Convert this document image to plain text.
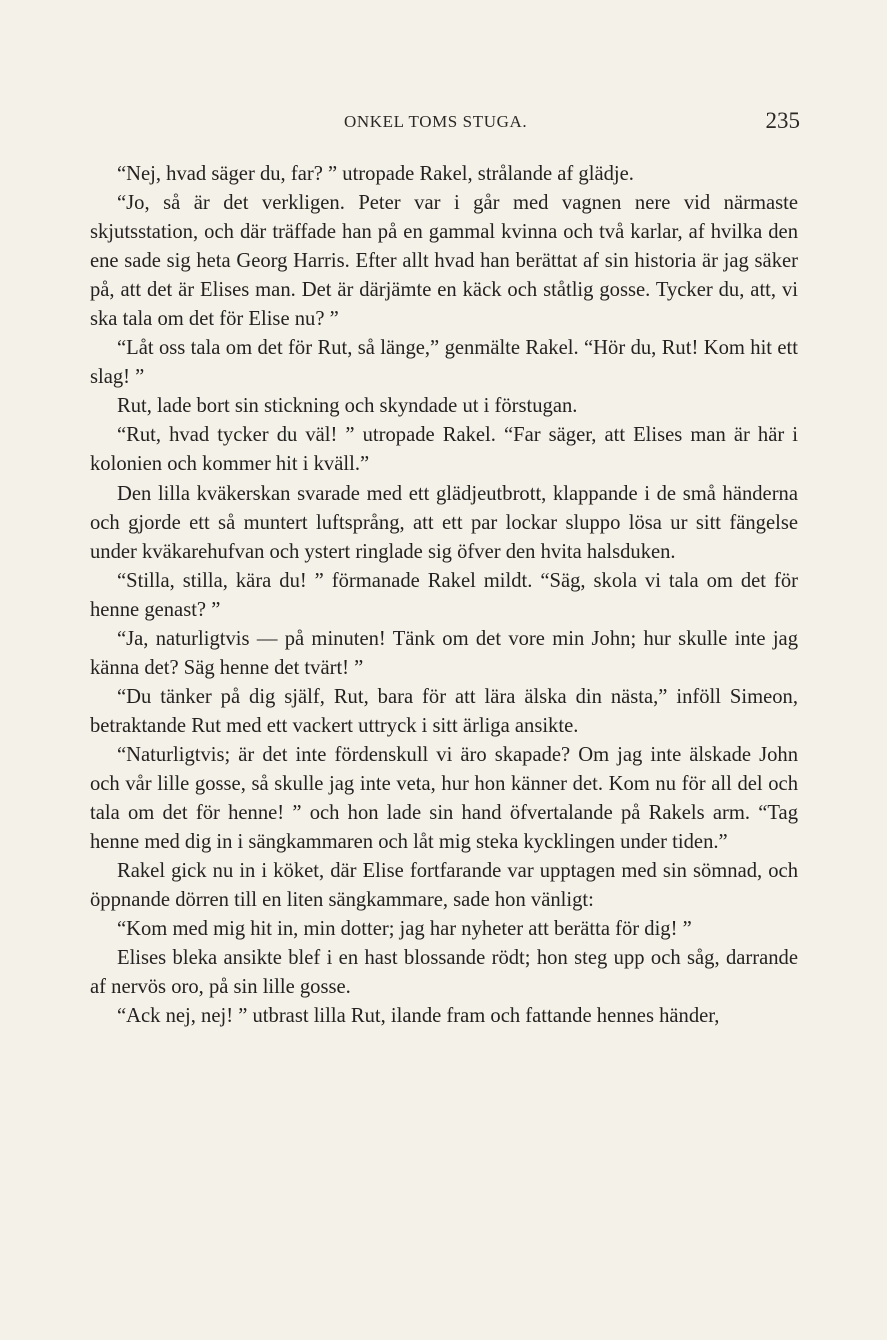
ONKEL TOMS STUGA.	235

“Nej, hvad säger du, far? ” utropade Rakel, strålande af glädje.

“Jo, så är det verkligen. Peter var i går med vagnen nere vid närmaste skjutsstation, och där träffade han på en gammal kvinna och två karlar, af hvilka den ene sade sig heta Georg Harris. Efter allt hvad han berättat af sin historia är jag säker på, att det är Elises man. Det är därjämte en käck och ståtlig gosse. Tycker du, att, vi ska tala om det för Elise nu? ”

“Låt oss tala om det för Rut, så länge,” genmälte Rakel. “Hör du, Rut! Kom hit ett slag! ”

Rut, lade bort sin stickning och skyndade ut i förstugan.

“Rut, hvad tycker du väl! ” utropade Rakel. “Far säger, att Elises man är här i kolonien och kommer hit i kväll.”

Den lilla kväkerskan svarade med ett glädjeutbrott, klappande i de små händerna och gjorde ett så muntert luftsprång, att ett par lockar sluppo lösa ur sitt fängelse under kväkarehufvan och ystert ringlade sig öfver den hvita halsduken.

“Stilla, stilla, kära du! ” förmanade Rakel mildt. “Säg, skola vi tala om det för henne genast? ”

“Ja, naturligtvis — på minuten! Tänk om det vore min John; hur skulle inte jag känna det? Säg henne det tvärt! ”

“Du tänker på dig själf, Rut, bara för att lära älska din nästa,” inföll Simeon, betraktande Rut med ett vackert uttryck i sitt ärliga ansikte.

“Naturligtvis; är det inte fördenskull vi äro skapade? Om jag inte älskade John och vår lille gosse, så skulle jag inte veta, hur hon känner det. Kom nu för all del och tala om det för henne! ” och hon lade sin hand öfvertalande på Rakels arm. “Tag henne med dig in i sängkammaren och låt mig steka kycklingen under tiden.”

Rakel gick nu in i köket, där Elise fortfarande var upptagen med sin sömnad, och öppnande dörren till en liten sängkammare, sade hon vänligt:

“Kom med mig hit in, min dotter; jag har nyheter att berätta för dig! ”

Elises bleka ansikte blef i en hast blossande rödt; hon steg upp och såg, darrande af nervös oro, på sin lille gosse.

“Ack nej, nej! ” utbrast lilla Rut, ilande fram och fattande hennes händer,
